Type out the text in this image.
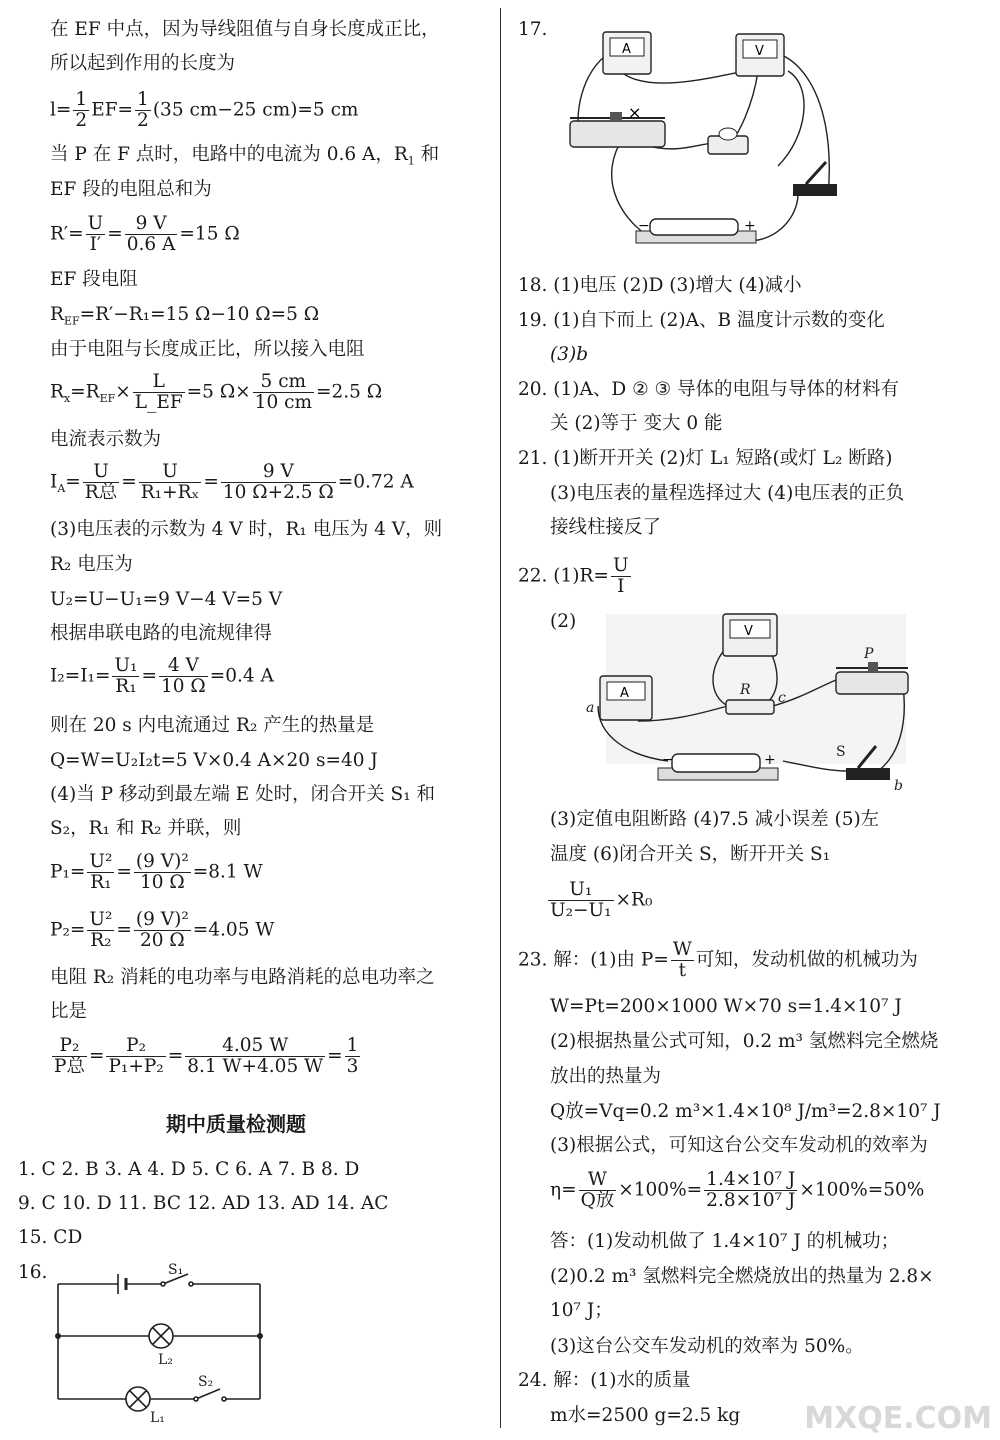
在 EF 中点，因为导线阻值与自身长度成正比，
所以起到作用的长度为
$l= \frac{1}{2} EF= \frac{1}{2} (35$ cm−25 cm)=5 cm
当 P 在 F 点时，电路中的电流为 0.6 A，$R_1$ 和
EF 段的电阻总和为
$R'= \frac{U}{I'} = \frac{9 V}{0.6 A} =15$ Ω
EF 段电阻
$R_{EF}=R'-R_1=15$ Ω−10 Ω=5 Ω
由于电阻与长度成正比，所以接入电阻
$R_x=R_{EF}\times \frac{L}{L\_EF} =5$ $\Omega\times \frac{5 cm}{10 cm} =2.5$ Ω
电流表示数为
$I_A= \frac{U}{\text{R总}} = \frac{U}{\text{R₁+Rₓ}} = \frac{9 V}{10 \Omega+2.5 \Omega} =0.72$ A
(3)电压表的示数为 4 V 时，R₁ 电压为 4 V，则
R₂ 电压为
U₂=U−U₁=9 V−4 V=5 V
根据串联电路的电流规律得
$I_2=I_1= \frac{\text{U₁}}{\text{R₁}} = \frac{4 V}{10 \Omega} =0.4$ A
则在 20 s 内电流通过 R₂ 产生的热量是
Q=W=U₂I₂t=5 V×0.4 A×20 s=40 J
(4)当 P 移动到最左端 E 处时，闭合开关 S₁ 和
S₂，R₁ 和 R₂ 并联，则
$P_1= \frac{\text{U²}}{\text{R₁}} = \frac{\text{(9 V)²}}{10 \Omega} =8.1$ W
$P_2= \frac{\text{U²}}{\text{R₂}} = \frac{\text{(9 V)²}}{20 \Omega} =4.05$ W
电阻 R₂ 消耗的电功率与电路消耗的总电功率之
比是
$\frac{\text{P₂}}{\text{P总}} = \frac{\text{P₂}}{\text{P₁+P₂}} = \frac{4.05 W}{8.1 W+4.05 W} = \frac{1}{3}$
期中质量检测题
1. C 2. B 3. A 4. D 5. C 6. A 7. B 8. D
9. C 10. D 11. BC 12. AD 13. AD 14. AC
15. CD
16.	S₁
L₂
S₂
L₁
17.
A	V
×
−	+
18. (1)电压 (2)D (3)增大 (4)减小
19. (1)自下而上 (2)A、B 温度计示数的变化
(3)b
20. (1)A、D ② ③ 导体的电阻与导体的材料有
关 (2)等于 变大 0 能
21. (1)断开开关 (2)灯 L₁ 短路(或灯 L₂ 断路)
(3)电压表的量程选择过大 (4)电压表的正负
接线柱接反了
22. $(1)R= \frac{U}{I}$
(2)	V
A
−	+
P
R
a
c
S
b
(3)定值电阻断路 (4)7.5 减小误差 (5)左
温度 (6)闭合开关 S，断开开关 S₁
$\frac{\text{U₁}}{\text{U₂−U₁}} \times R_0$
23. 解：(1)由 $P= \frac{W}{t}$ 可知，发动机做的机械功为
W=Pt=200×1000 W×70 s=1.4×10⁷ J
(2)根据热量公式可知，0.2 m³ 氢燃料完全燃烧
放出的热量为
Q放=Vq=0.2 m³×1.4×10⁸ J/m³=2.8×10⁷ J
(3)根据公式，可知这台公交车发动机的效率为
$\eta= \frac{W}{\text{Q放}} \times 100\%= \frac{\text{1.4×10⁷ J}}{\text{2.8×10⁷ J}} \times 100\%=50\%$
答：(1)发动机做了 1.4×10⁷ J 的机械功；
(2)0.2 m³ 氢燃料完全燃烧放出的热量为 2.8×
10⁷ J；
(3)这台公交车发动机的效率为 50%。
24. 解：(1)水的质量
m水=2500 g=2.5 kg MXQE.COM
